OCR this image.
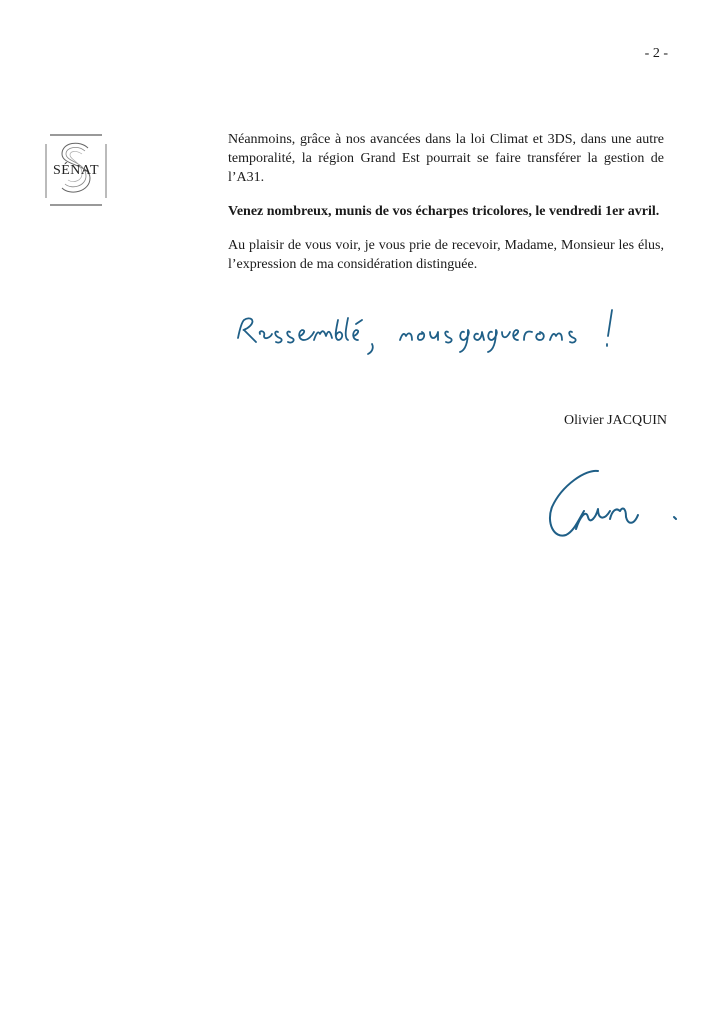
- 2 -
SÉNAT

Néanmoins, grâce à nos avancées dans la loi Climat et 3DS, dans une autre temporalité, la région Grand Est pourrait se faire transférer la gestion de l’A31.

Venez nombreux, munis de vos écharpes tricolores, le vendredi 1er avril.

Au plaisir de vous voir, je vous prie de recevoir, Madame, Monsieur les élus, l’expression de ma considération distinguée.

Olivier JACQUIN
